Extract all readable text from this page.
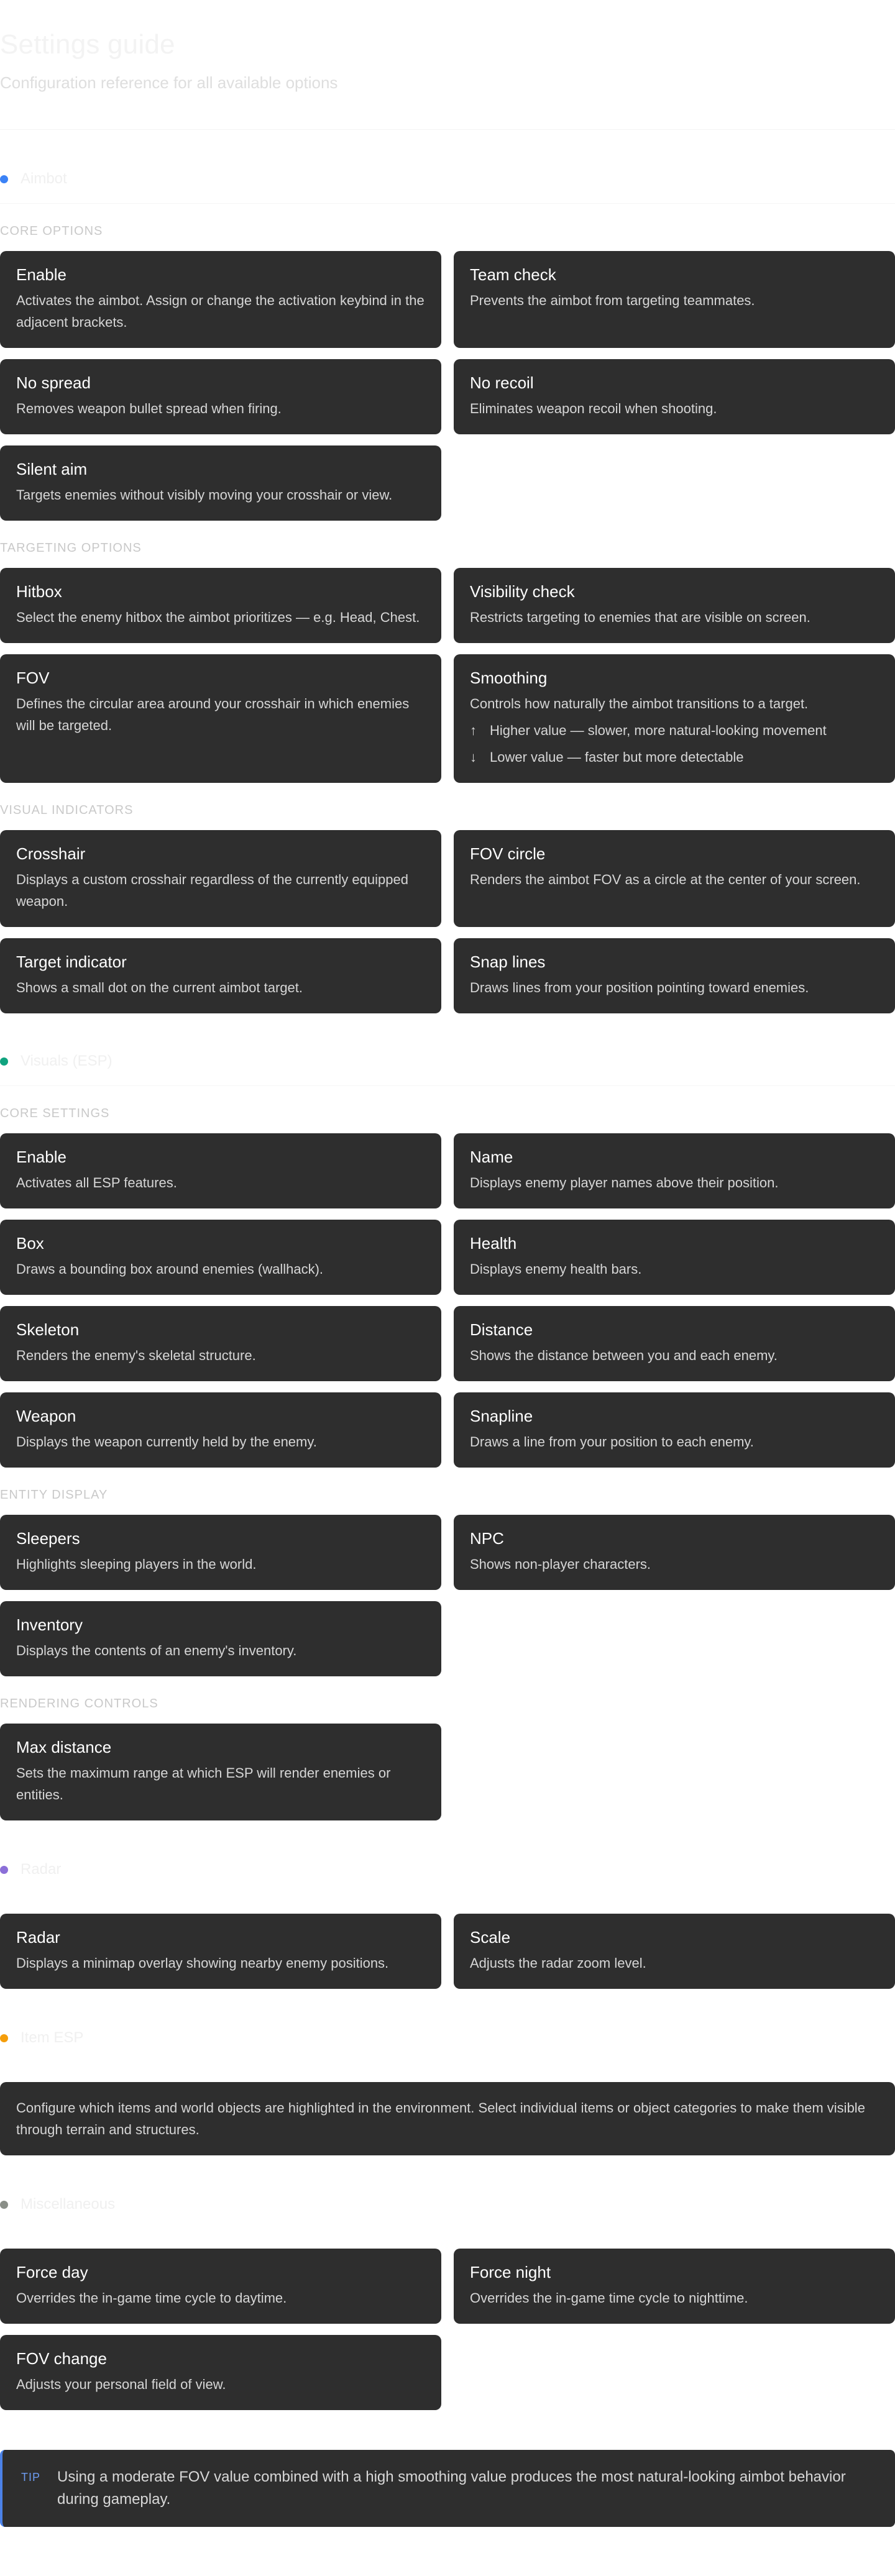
Settings guide

Configuration reference for all available options

Aimbot
CORE OPTIONS
Enable
Activates the aimbot. Assign or change the activation keybind in the adjacent brackets.
Team check
Prevents the aimbot from targeting teammates.
No spread
Removes weapon bullet spread when firing.
No recoil
Eliminates weapon recoil when shooting.
Silent aim
Targets enemies without visibly moving your crosshair or view.
TARGETING OPTIONS
Hitbox
Select the enemy hitbox the aimbot prioritizes — e.g. Head, Chest.
Visibility check
Restricts targeting to enemies that are visible on screen.
FOV
Defines the circular area around your crosshair in which enemies will be targeted.
Smoothing
Controls how naturally the aimbot transitions to a target.
↑ Higher value — slower, more natural-looking movement
↓ Lower value — faster but more detectable
VISUAL INDICATORS
Crosshair
Displays a custom crosshair regardless of the currently equipped weapon.
FOV circle
Renders the aimbot FOV as a circle at the center of your screen.
Target indicator
Shows a small dot on the current aimbot target.
Snap lines
Draws lines from your position pointing toward enemies.
Visuals (ESP)
CORE SETTINGS
Enable
Activates all ESP features.
Name
Displays enemy player names above their position.
Box
Draws a bounding box around enemies (wallhack).
Health
Displays enemy health bars.
Skeleton
Renders the enemy's skeletal structure.
Distance
Shows the distance between you and each enemy.
Weapon
Displays the weapon currently held by the enemy.
Snapline
Draws a line from your position to each enemy.
ENTITY DISPLAY
Sleepers
Highlights sleeping players in the world.
NPC
Shows non-player characters.
Inventory
Displays the contents of an enemy's inventory.
RENDERING CONTROLS
Max distance
Sets the maximum range at which ESP will render enemies or entities.
Radar
Radar
Displays a minimap overlay showing nearby enemy positions.
Scale
Adjusts the radar zoom level.
Item ESP
Configure which items and world objects are highlighted in the environment. Select individual items or object categories to make them visible through terrain and structures.
Miscellaneous
Force day
Overrides the in-game time cycle to daytime.
Force night
Overrides the in-game time cycle to nighttime.
FOV change
Adjusts your personal field of view.
TIP	Using a moderate FOV value combined with a high smoothing value produces the most natural-looking aimbot behavior during gameplay.
